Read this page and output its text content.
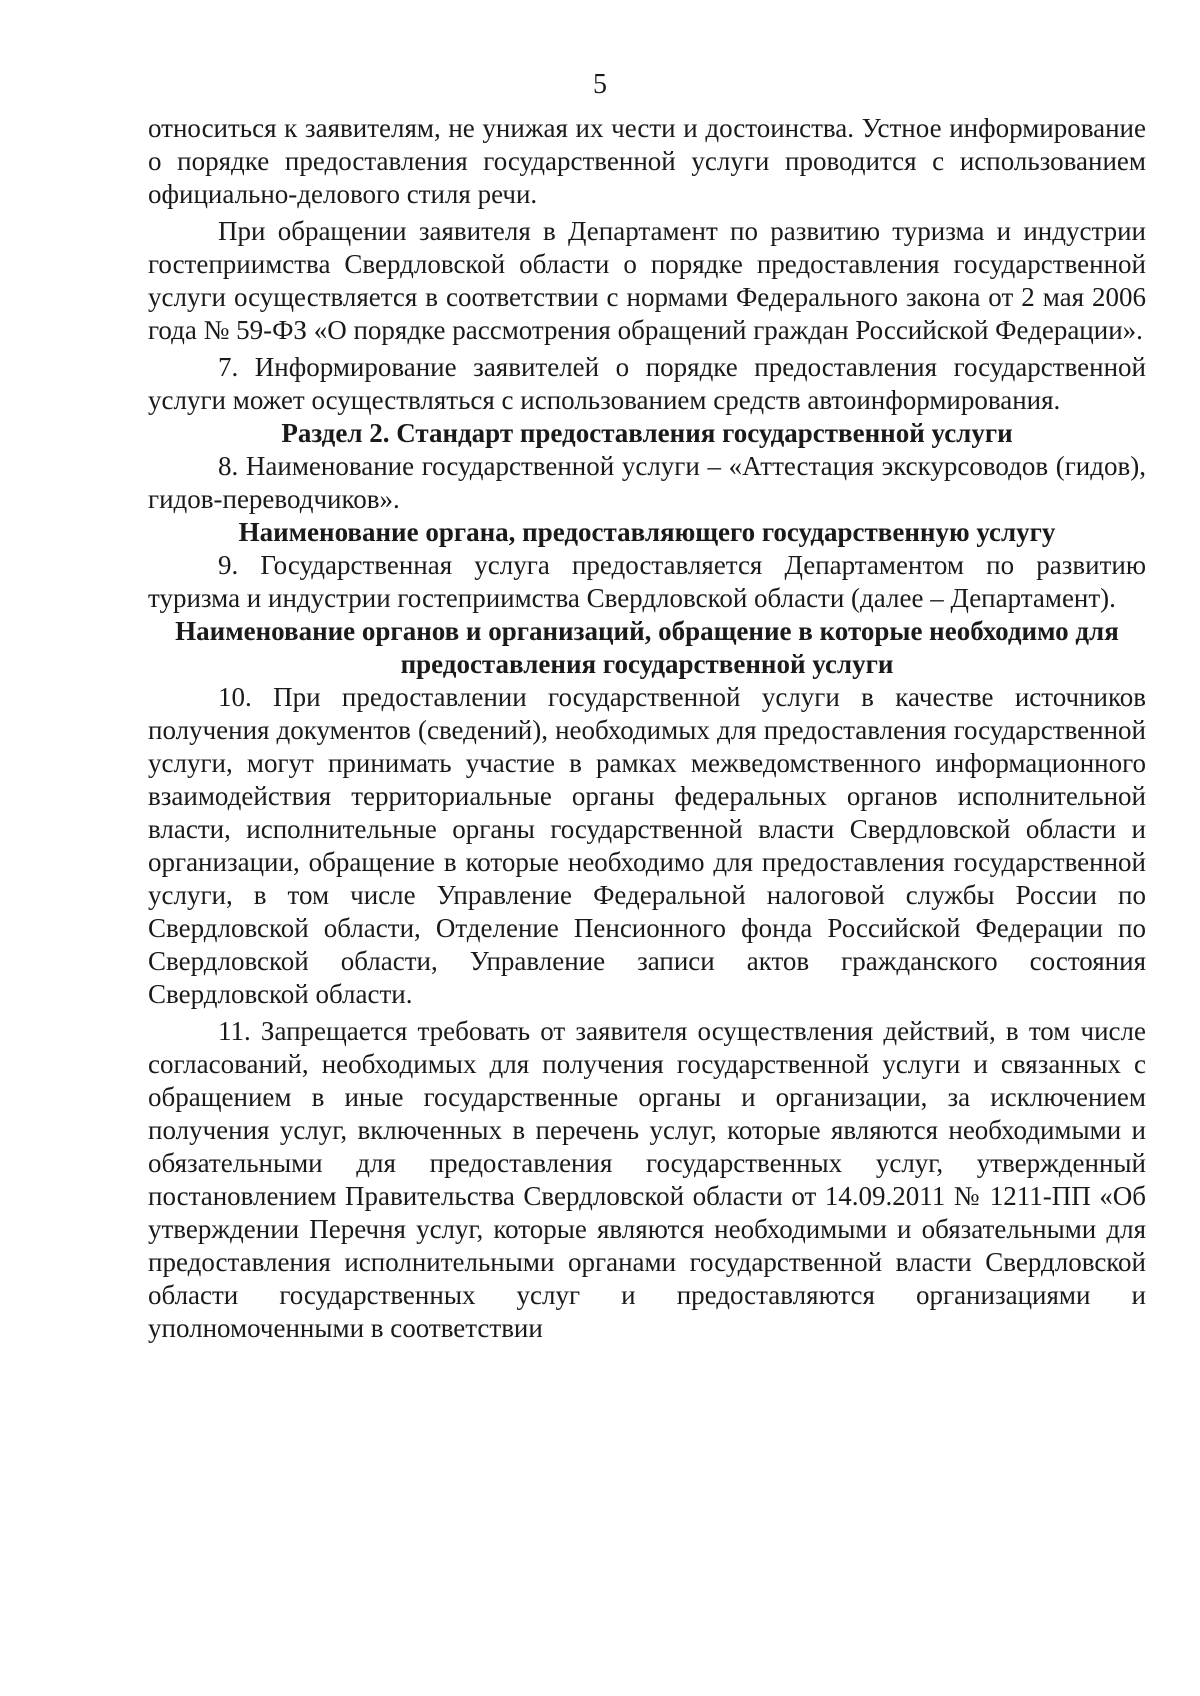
5

относиться к заявителям, не унижая их чести и достоинства. Устное информирование о порядке предоставления государственной услуги проводится с использованием официально-делового стиля речи.

При обращении заявителя в Департамент по развитию туризма и индустрии гостеприимства Свердловской области о порядке предоставления государственной услуги осуществляется в соответствии с нормами Федерального закона от 2 мая 2006 года № 59-ФЗ «О порядке рассмотрения обращений граждан Российской Федерации».

7. Информирование заявителей о порядке предоставления государственной услуги может осуществляться с использованием средств автоинформирования.

Раздел 2. Стандарт предоставления государственной услуги

8. Наименование государственной услуги – «Аттестация экскурсоводов (гидов), гидов-переводчиков».

Наименование органа, предоставляющего государственную услугу

9. Государственная услуга предоставляется Департаментом по развитию туризма и индустрии гостеприимства Свердловской области (далее – Департамент).

Наименование органов и организаций, обращение в которые необходимо для предоставления государственной услуги

10. При предоставлении государственной услуги в качестве источников получения документов (сведений), необходимых для предоставления государственной услуги, могут принимать участие в рамках межведомственного информационного взаимодействия территориальные органы федеральных органов исполнительной власти, исполнительные органы государственной власти Свердловской области и организации, обращение в которые необходимо для предоставления государственной услуги, в том числе Управление Федеральной налоговой службы России по Свердловской области, Отделение Пенсионного фонда Российской Федерации по Свердловской области, Управление записи актов гражданского состояния Свердловской области.

11. Запрещается требовать от заявителя осуществления действий, в том числе согласований, необходимых для получения государственной услуги и связанных с обращением в иные государственные органы и организации, за исключением получения услуг, включенных в перечень услуг, которые являются необходимыми и обязательными для предоставления государственных услуг, утвержденный постановлением Правительства Свердловской области от 14.09.2011 № 1211-ПП «Об утверждении Перечня услуг, которые являются необходимыми и обязательными для предоставления исполнительными органами государственной власти Свердловской области государственных услуг и предоставляются организациями и уполномоченными в соответствии
